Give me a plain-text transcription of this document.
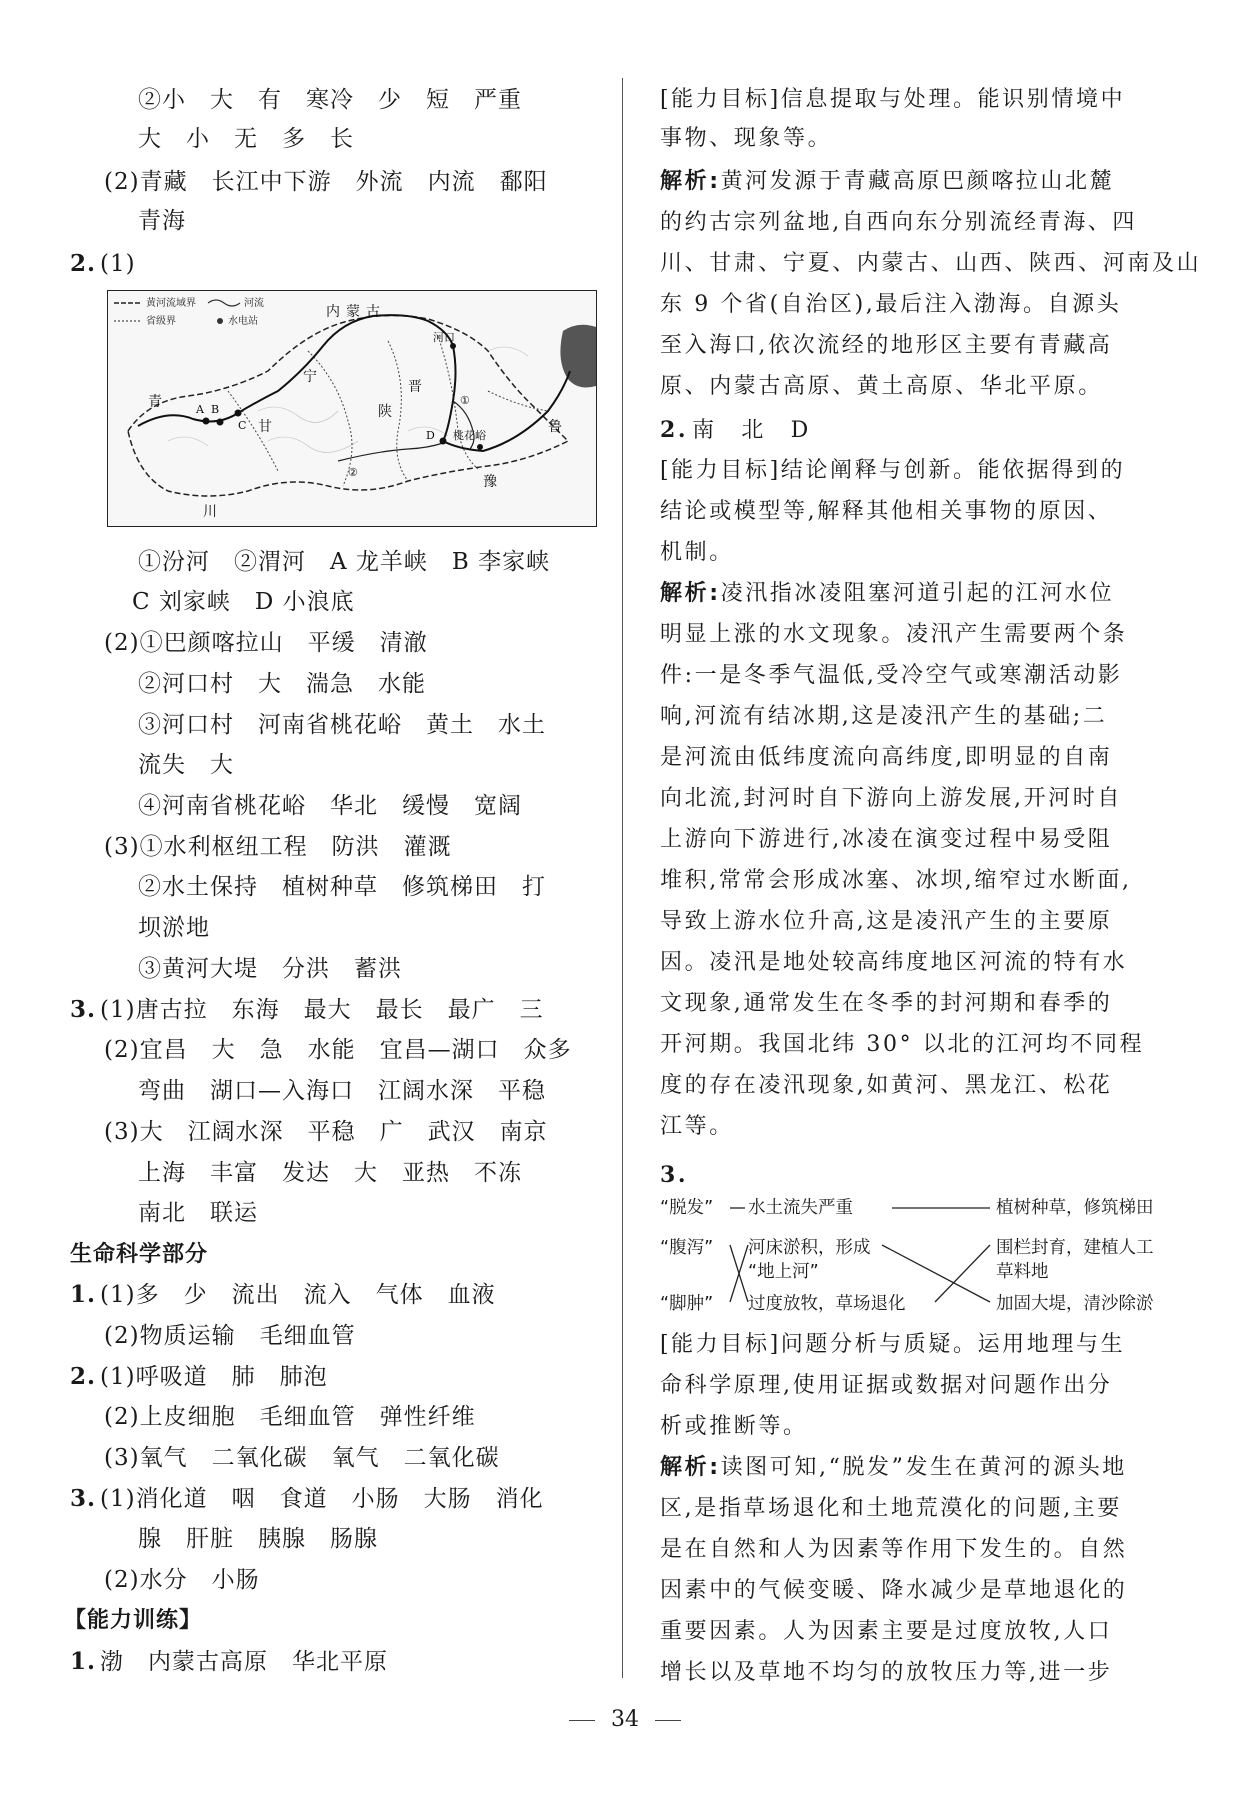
②小　大　有　寒冷　少　短　严重
大　小　无　多　长
(2)青藏　长江中下游　外流　内流　鄱阳
青海
①汾河　②渭河　A 龙羊峡　B 李家峡
C 刘家峡　D 小浪底
(2)①巴颜喀拉山　平缓　清澈
②河口村　大　湍急　水能
③河口村　河南省桃花峪　黄土　水土
流失　大
④河南省桃花峪　华北　缓慢　宽阔
(3)①水利枢纽工程　防洪　灌溉
②水土保持　植树种草　修筑梯田　打
坝淤地
③黄河大堤　分洪　蓄洪
(2)宜昌　大　急　水能　宜昌—湖口　众多
弯曲　湖口—入海口　江阔水深　平稳
(3)大　江阔水深　平稳　广　武汉　南京
上海　丰富　发达　大　亚热　不冻
南北　联运
(2)物质运输　毛细血管
(2)上皮细胞　毛细血管　弹性纤维
(3)氧气　二氧化碳　氧气　二氧化碳
腺　肝脏　胰腺　肠腺
(2)水分　小肠
2. (1)
3. (1)唐古拉　东海　最大　最长　最广　三
1. (1)多　少　流出　流入　气体　血液
2. (1)呼吸道　肺　肺泡
3. (1)消化道　咽　食道　小肠　大肠　消化
1. 渤　内蒙古高原　华北平原
生命科学部分
【能力训练】
黄河流域界	河流
省级界	水电站
内 蒙 古
河口
宁
晋
青
甘
陕
鲁
豫
川
A B
C
D
①
②
桃花峪
[能力目标]信息提取与处理。能识别情境中
事物、现象等。
解析:黄河发源于青藏高原巴颜喀拉山北麓
的约古宗列盆地,自西向东分别流经青海、四
川、甘肃、宁夏、内蒙古、山西、陕西、河南及山
东 9 个省(自治区),最后注入渤海。自源头
至入海口,依次流经的地形区主要有青藏高
原、内蒙古高原、黄土高原、华北平原。
[能力目标]结论阐释与创新。能依据得到的
结论或模型等,解释其他相关事物的原因、
机制。
解析:凌汛指冰凌阻塞河道引起的江河水位
明显上涨的水文现象。凌汛产生需要两个条
件:一是冬季气温低,受冷空气或寒潮活动影
响,河流有结冰期,这是凌汛产生的基础;二
是河流由低纬度流向高纬度,即明显的自南
向北流,封河时自下游向上游发展,开河时自
上游向下游进行,冰凌在演变过程中易受阻
堆积,常常会形成冰塞、冰坝,缩窄过水断面,
导致上游水位升高,这是凌汛产生的主要原
因。凌汛是地处较高纬度地区河流的特有水
文现象,通常发生在冬季的封河期和春季的
开河期。我国北纬 30° 以北的江河均不同程
度的存在凌汛现象,如黄河、黑龙江、松花
江等。
[能力目标]问题分析与质疑。运用地理与生
命科学原理,使用证据或数据对问题作出分
析或推断等。
解析:读图可知,“脱发”发生在黄河的源头地
区,是指草场退化和土地荒漠化的问题,主要
是在自然和人为因素等作用下发生的。自然
因素中的气候变暖、降水减少是草地退化的
重要因素。人为因素主要是过度放牧,人口
增长以及草地不均匀的放牧压力等,进一步
2. 南　北　D
3.
“脱发”
“腹泻”
“脚肿”
水土流失严重
河床淤积，形成
“地上河”
过度放牧，草场退化
植树种草，修筑梯田
围栏封育，建植人工
草料地
加固大堤，清沙除淤
34
